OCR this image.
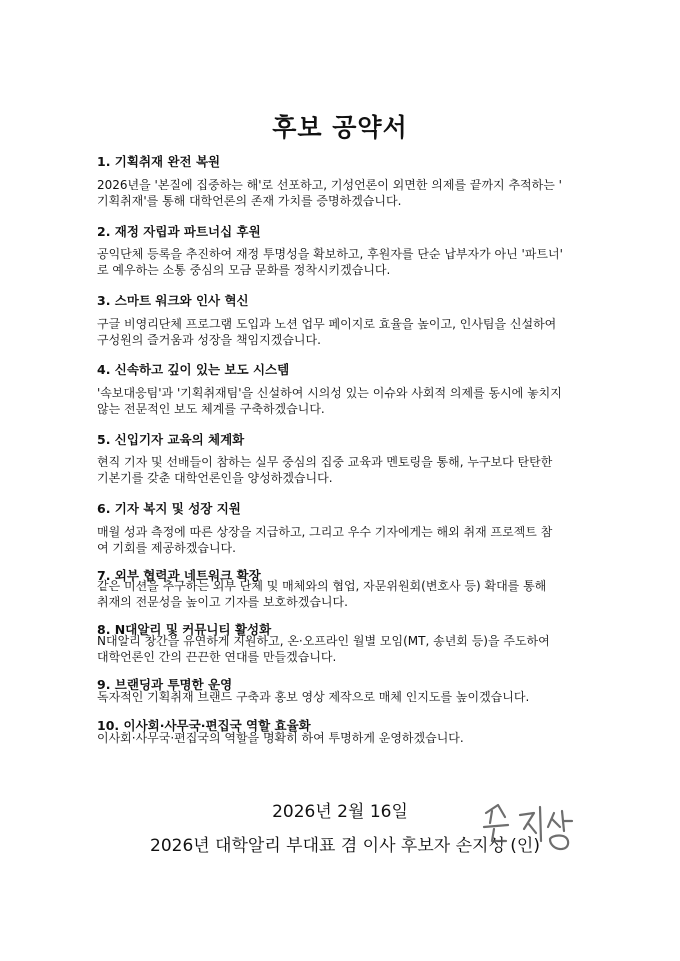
후보 공약서
1. 기획취재 완전 복원
2026년을 '본질에 집중하는 해'로 선포하고, 기성언론이 외면한 의제를 끝까지 추적하는 '
기획취재'를 통해 대학언론의 존재 가치를 증명하겠습니다.
2. 재정 자립과 파트너십 후원
공익단체 등록을 추진하여 재정 투명성을 확보하고, 후원자를 단순 납부자가 아닌 '파트너'
로 예우하는 소통 중심의 모금 문화를 정착시키겠습니다.
3. 스마트 워크와 인사 혁신
구글 비영리단체 프로그램 도입과 노션 업무 페이지로 효율을 높이고, 인사팀을 신설하여
구성원의 즐거움과 성장을 책임지겠습니다.
4. 신속하고 깊이 있는 보도 시스템
'속보대응팀'과 '기획취재팀'을 신설하여 시의성 있는 이슈와 사회적 의제를 동시에 놓치지
않는 전문적인 보도 체계를 구축하겠습니다.
5. 신입기자 교육의 체계화
현직 기자 및 선배들이 참하는 실무 중심의 집중 교육과 멘토링을 통해, 누구보다 탄탄한
기본기를 갖춘 대학언론인을 양성하겠습니다.
6. 기자 복지 및 성장 지원
매월 성과 측정에 따른 상장을 지급하고, 그리고 우수 기자에게는 해외 취재 프로젝트 참
여 기회를 제공하겠습니다.
7. 외부 협력과 네트워크 확장
같은 미션을 추구하는 외부 단체 및 매체와의 협업, 자문위원회(변호사 등) 확대를 통해
취재의 전문성을 높이고 기자를 보호하겠습니다.
8. N대알리 및 커뮤니티 활성화
N대알리 창간을 유연하게 지원하고, 온·오프라인 월별 모임(MT, 송년회 등)을 주도하여
대학언론인 간의 끈끈한 연대를 만들겠습니다.
9. 브랜딩과 투명한 운영
독자적인 기획취재 브랜드 구축과 홍보 영상 제작으로 매체 인지도를 높이겠습니다.
10. 이사회·사무국·편집국 역할 효율화
이사회·사무국·편집국의 역할을 명확히 하여 투명하게 운영하겠습니다.
2026년 2월 16일
2026년 대학알리 부대표 겸 이사 후보자 손지성 (인)
